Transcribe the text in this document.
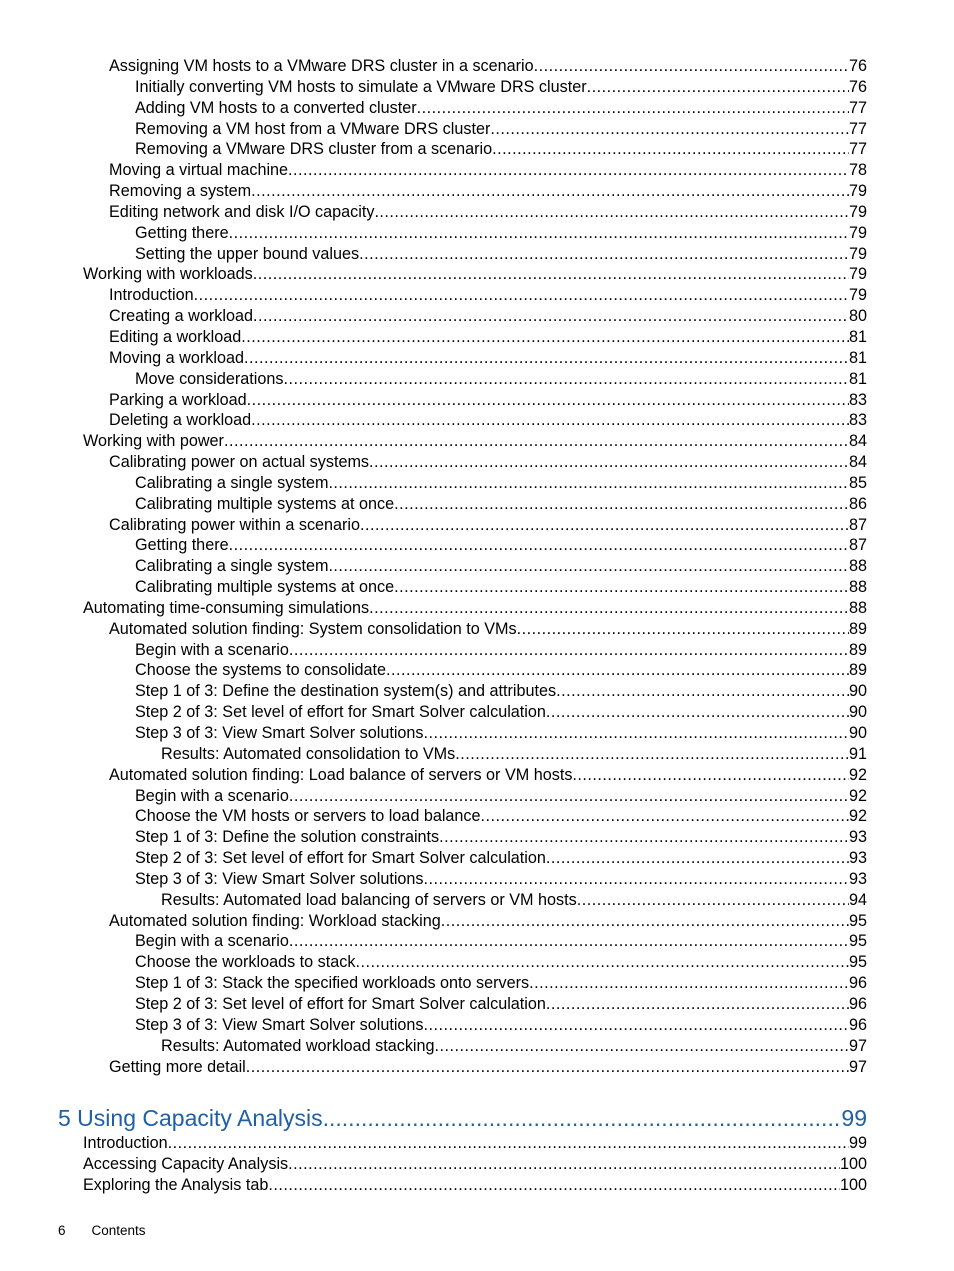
Assigning VM hosts to a VMware DRS cluster in a scenario .....	76
Initially converting VM hosts to simulate a VMware DRS cluster .....	76
Adding VM hosts to a converted cluster .....	77
Removing a VM host from a VMware DRS cluster .....	77
Removing a VMware DRS cluster from a scenario .....	77
Moving a virtual machine .....	78
Removing a system .....	79
Editing network and disk I/O capacity .....	79
Getting there .....	79
Setting the upper bound values .....	79
Working with workloads .....	79
Introduction .....	79
Creating a workload .....	80
Editing a workload .....	81
Moving a workload .....	81
Move considerations .....	81
Parking a workload .....	83
Deleting a workload .....	83
Working with power .....	84
Calibrating power on actual systems .....	84
Calibrating a single system .....	85
Calibrating multiple systems at once .....	86
Calibrating power within a scenario .....	87
Getting there .....	87
Calibrating a single system .....	88
Calibrating multiple systems at once .....	88
Automating time-consuming simulations .....	88
Automated solution finding: System consolidation to VMs .....	89
Begin with a scenario .....	89
Choose the systems to consolidate .....	89
Step 1 of 3: Define the destination system(s) and attributes .....	90
Step 2 of 3: Set level of effort for Smart Solver calculation .....	90
Step 3 of 3: View Smart Solver solutions .....	90
Results: Automated consolidation to VMs .....	91
Automated solution finding: Load balance of servers or VM hosts .....	92
Begin with a scenario .....	92
Choose the VM hosts or servers to load balance .....	92
Step 1 of 3: Define the solution constraints .....	93
Step 2 of 3: Set level of effort for Smart Solver calculation .....	93
Step 3 of 3: View Smart Solver solutions .....	93
Results: Automated load balancing of servers or VM hosts .....	94
Automated solution finding: Workload stacking .....	95
Begin with a scenario .....	95
Choose the workloads to stack .....	95
Step 1 of 3: Stack the specified workloads onto servers .....	96
Step 2 of 3: Set level of effort for Smart Solver calculation .....	96
Step 3 of 3: View Smart Solver solutions .....	96
Results: Automated workload stacking .....	97
Getting more detail .....	97
5 Using Capacity Analysis .....	99
Introduction .....	99
Accessing Capacity Analysis .....	100
Exploring the Analysis tab .....	100
6 Contents
